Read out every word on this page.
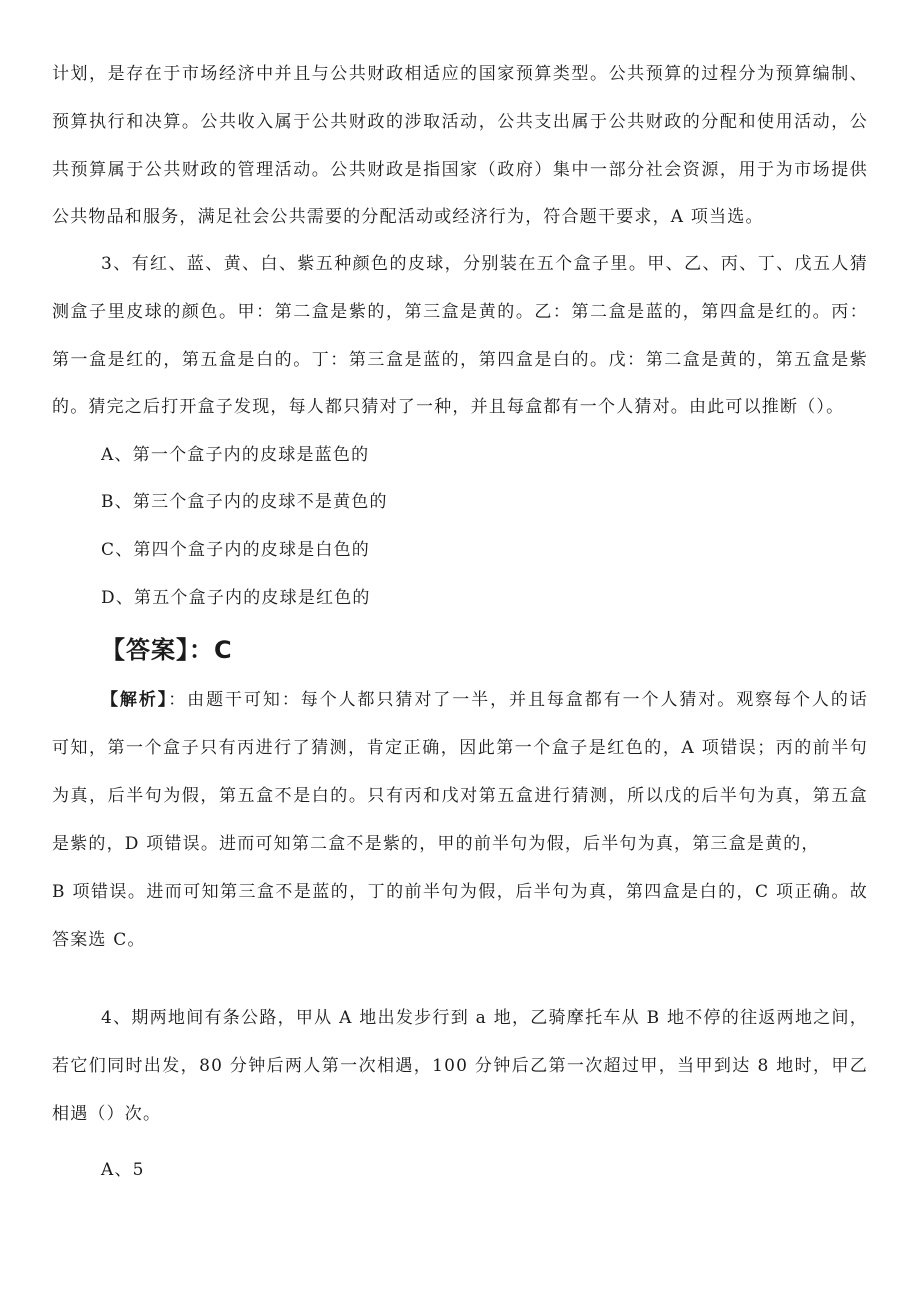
计划，是存在于市场经济中并且与公共财政相适应的国家预算类型。公共预算的过程分为预算编制、
预算执行和决算。公共收入属于公共财政的涉取活动，公共支出属于公共财政的分配和使用活动，公
共预算属于公共财政的管理活动。公共财政是指国家（政府）集中一部分社会资源，用于为市场提供
公共物品和服务，满足社会公共需要的分配活动或经济行为，符合题干要求，A 项当选。
3、有红、蓝、黄、白、紫五种颜色的皮球，分别装在五个盒子里。甲、乙、丙、丁、戊五人猜
测盒子里皮球的颜色。甲：第二盒是紫的，第三盒是黄的。乙：第二盒是蓝的，第四盒是红的。丙：
第一盒是红的，第五盒是白的。丁：第三盒是蓝的，第四盒是白的。戊：第二盒是黄的，第五盒是紫
的。猜完之后打开盒子发现，每人都只猜对了一种，并且每盒都有一个人猜对。由此可以推断（）。
A、第一个盒子内的皮球是蓝色的
B、第三个盒子内的皮球不是黄色的
C、第四个盒子内的皮球是白色的
D、第五个盒子内的皮球是红色的
【答案】：C
【解析】：由题干可知：每个人都只猜对了一半，并且每盒都有一个人猜对。观察每个人的话
可知，第一个盒子只有丙进行了猜测，肯定正确，因此第一个盒子是红色的，A 项错误；丙的前半句
为真，后半句为假，第五盒不是白的。只有丙和戊对第五盒进行猜测，所以戊的后半句为真，第五盒
是紫的，D 项错误。进而可知第二盒不是紫的，甲的前半句为假，后半句为真，第三盒是黄的，
B 项错误。进而可知第三盒不是蓝的，丁的前半句为假，后半句为真，第四盒是白的，C 项正确。故
答案选 C。
4、期两地间有条公路，甲从 A 地出发步行到 a 地，乙骑摩托车从 B 地不停的往返两地之间，
若它们同时出发，80 分钟后两人第一次相遇，100 分钟后乙第一次超过甲，当甲到达 8 地时，甲乙
相遇（）次。
A、5
